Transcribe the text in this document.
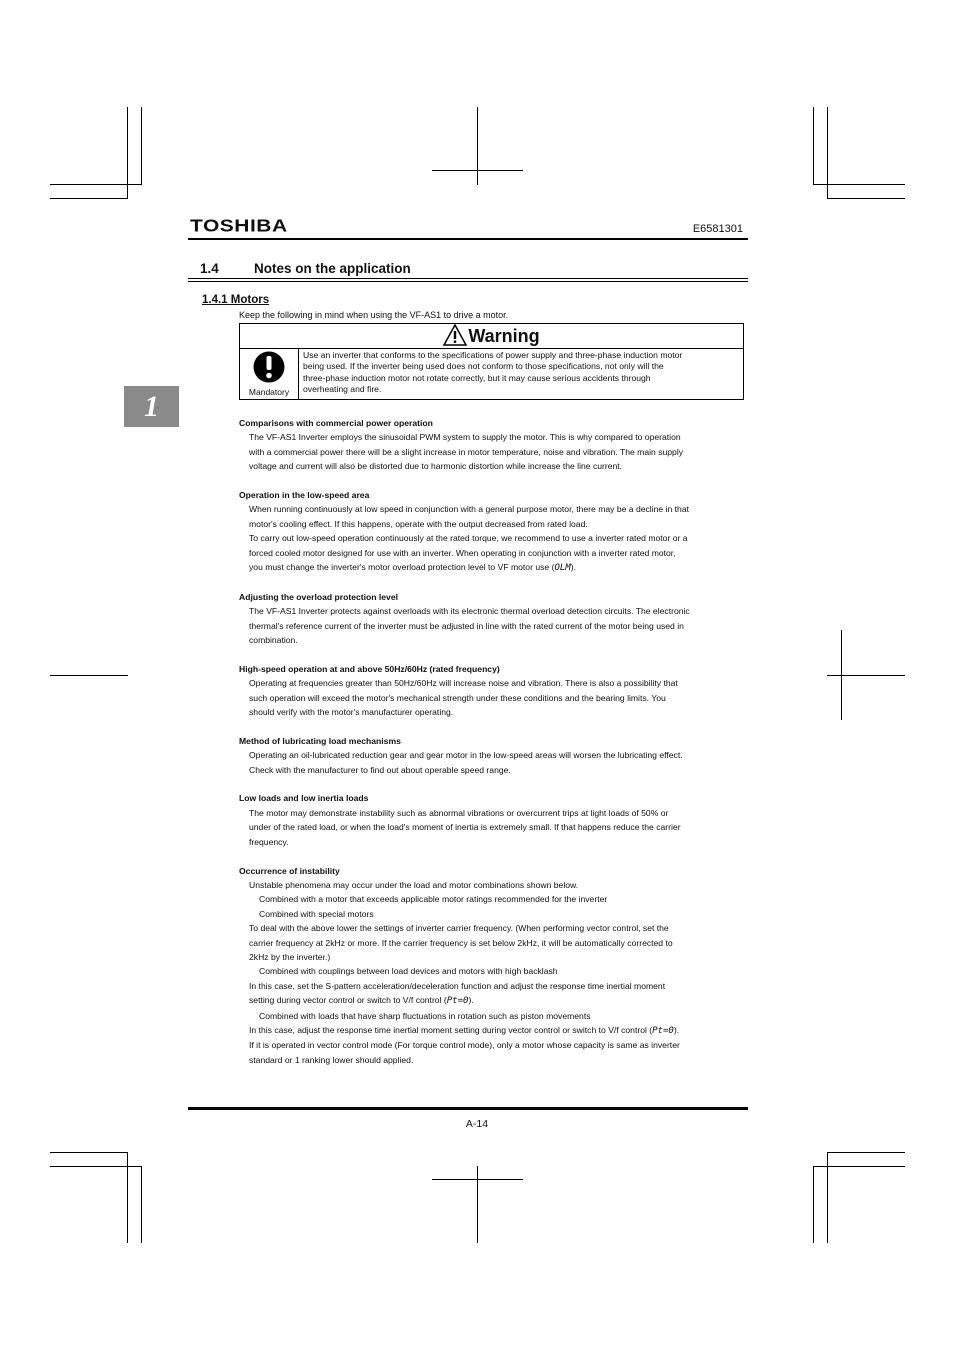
TOSHIBA	E6581301
1.4	Notes on the application
1.4.1 Motors
Keep the following in mind when using the VF-AS1 to drive a motor.
1
Warning
Mandatory
Use an inverter that conforms to the specifications of power supply and three-phase induction motor
being used. If the inverter being used does not conform to those specifications, not only will the
three-phase induction motor not rotate correctly, but it may cause serious accidents through
overheating and fire.
Comparisons with commercial power operation

The VF-AS1 Inverter employs the sinusoidal PWM system to supply the motor. This is why compared to operation

with a commercial power there will be a slight increase in motor temperature, noise and vibration. The main supply

voltage and current will also be distorted due to harmonic distortion while increase the line current.

Operation in the low-speed area

When running continuously at low speed in conjunction with a general purpose motor, there may be a decline in that

motor's cooling effect. If this happens, operate with the output decreased from rated load.

To carry out low-speed operation continuously at the rated torque, we recommend to use a inverter rated motor or a

forced cooled motor designed for use with an inverter. When operating in conjunction with a inverter rated motor,

you must change the inverter's motor overload protection level to VF motor use (OLM).

Adjusting the overload protection level

The VF-AS1 Inverter protects against overloads with its electronic thermal overload detection circuits. The electronic

thermal's reference current of the inverter must be adjusted in line with the rated current of the motor being used in

combination.

High-speed operation at and above 50Hz/60Hz (rated frequency)

Operating at frequencies greater than 50Hz/60Hz will increase noise and vibration. There is also a possibility that

such operation will exceed the motor's mechanical strength under these conditions and the bearing limits. You

should verify with the motor's manufacturer operating.

Method of lubricating load mechanisms

Operating an oil-lubricated reduction gear and gear motor in the low-speed areas will worsen the lubricating effect.

Check with the manufacturer to find out about operable speed range.

Low loads and low inertia loads

The motor may demonstrate instability such as abnormal vibrations or overcurrent trips at light loads of 50% or

under of the rated load, or when the load's moment of inertia is extremely small. If that happens reduce the carrier

frequency.

Occurrence of instability

Unstable phenomena may occur under the load and motor combinations shown below.

Combined with a motor that exceeds applicable motor ratings recommended for the inverter

Combined with special motors

To deal with the above lower the settings of inverter carrier frequency. (When performing vector control, set the

carrier frequency at 2kHz or more. If the carrier frequency is set below 2kHz, it will be automatically corrected to

2kHz by the inverter.)

Combined with couplings between load devices and motors with high backlash

In this case, set the S-pattern acceleration/deceleration function and adjust the response time inertial moment

setting during vector control or switch to V/f control (Pt=0).

Combined with loads that have sharp fluctuations in rotation such as piston movements

In this case, adjust the response time inertial moment setting during vector control or switch to V/f control (Pt=0).

If it is operated in vector control mode (For torque control mode), only a motor whose capacity is same as inverter

standard or 1 ranking lower should applied.

A-14
